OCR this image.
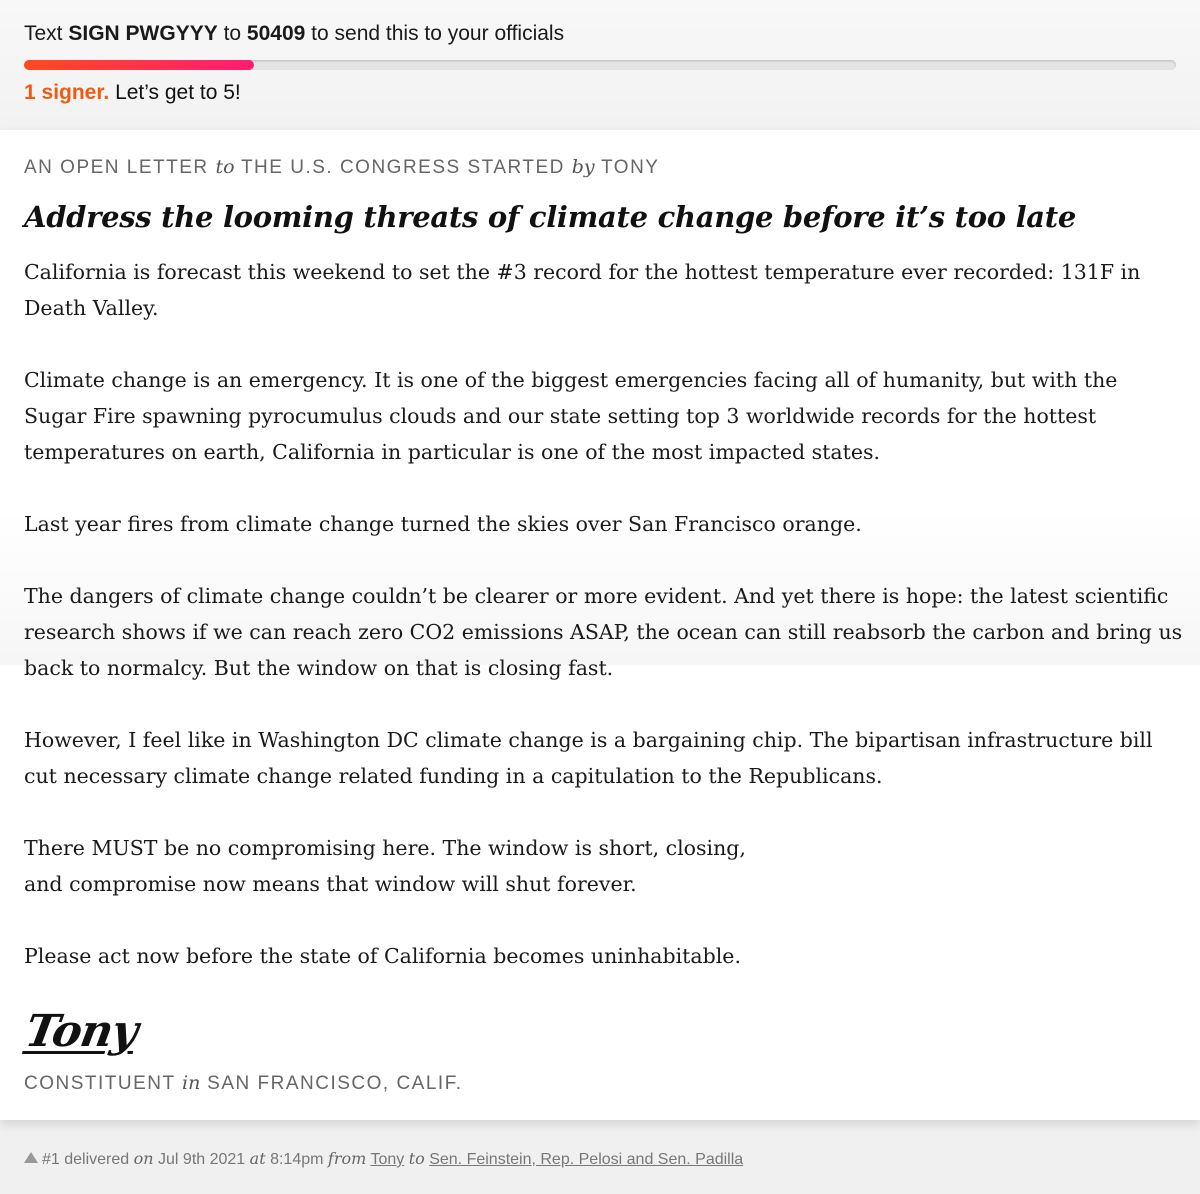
Text SIGN PWGYYY to 50409 to send this to your officials
1 signer. Let’s get to 5!
AN OPEN LETTER to THE U.S. CONGRESS STARTED by TONY
Address the looming threats of climate change before it’s too late

California is forecast this weekend to set the #3 record for the hottest temperature ever recorded: 131F in Death Valley.

Climate change is an emergency. It is one of the biggest emergencies facing all of humanity, but with the Sugar Fire spawning pyrocumulus clouds and our state setting top 3 worldwide records for the hottest temperatures on earth, California in particular is one of the most impacted states.

Last year fires from climate change turned the skies over San Francisco orange.

The dangers of climate change couldn’t be clearer or more evident. And yet there is hope: the latest scientific research shows if we can reach zero CO2 emissions ASAP, the ocean can still reabsorb the carbon and bring us back to normalcy. But the window on that is closing fast.

However, I feel like in Washington DC climate change is a bargaining chip. The bipartisan infrastructure bill cut necessary climate change related funding in a capitulation to the Republicans.

There MUST be no compromising here. The window is short, closing,
and compromise now means that window will shut forever.

Please act now before the state of California becomes uninhabitable.

Tony
CONSTITUENT in SAN FRANCISCO, CALIF.
#1 delivered on Jul 9th 2021 at 8:14pm from Tony to Sen. Feinstein, Rep. Pelosi and Sen. Padilla
